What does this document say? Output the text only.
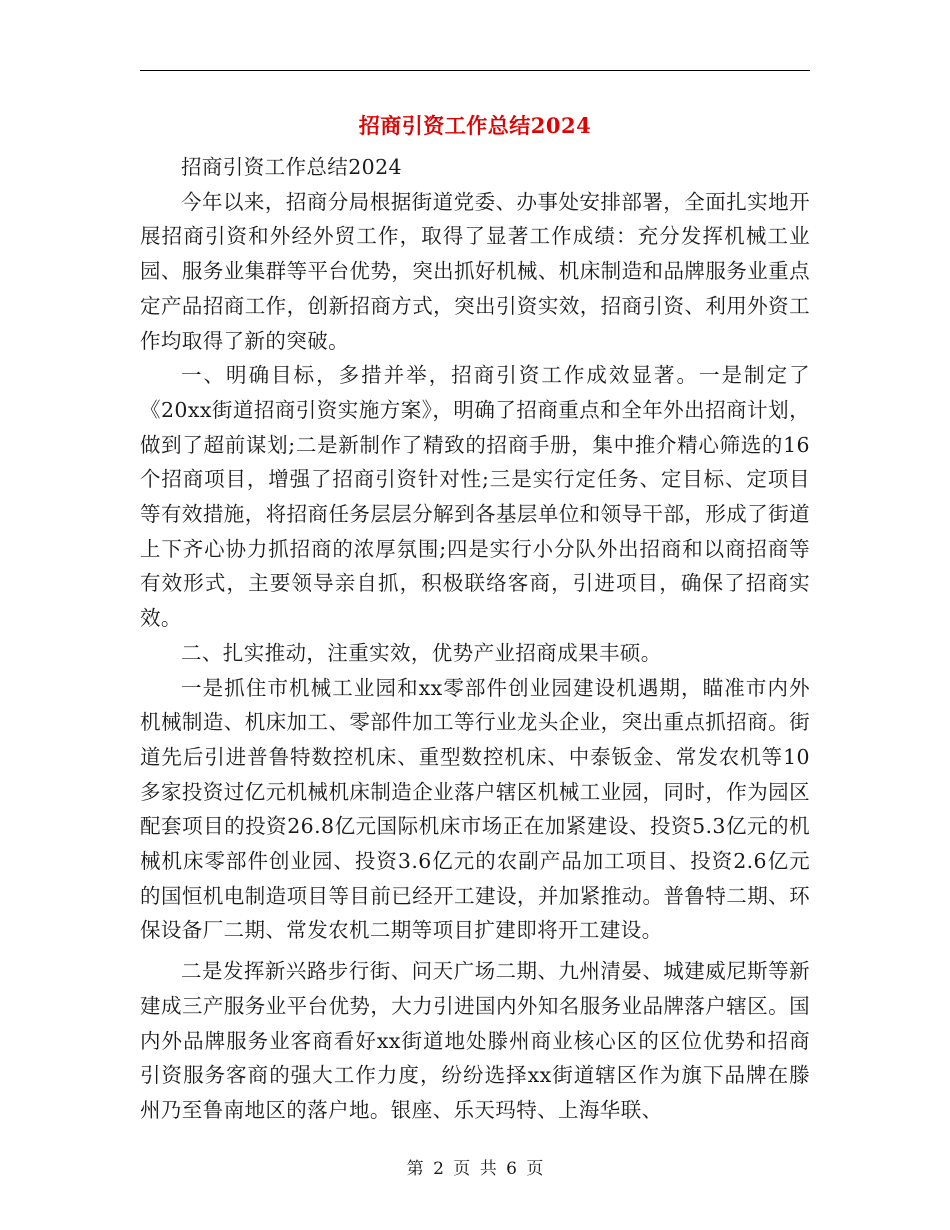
招商引资工作总结2024

招商引资工作总结2024

今年以来，招商分局根据街道党委、办事处安排部署，全面扎实地开展招商引资和外经外贸工作，取得了显著工作成绩：充分发挥机械工业园、服务业集群等平台优势，突出抓好机械、机床制造和品牌服务业重点定产品招商工作，创新招商方式，突出引资实效，招商引资、利用外资工作均取得了新的突破。

一、明确目标，多措并举，招商引资工作成效显著。一是制定了《20xx街道招商引资实施方案》，明确了招商重点和全年外出招商计划，做到了超前谋划;二是新制作了精致的招商手册，集中推介精心筛选的16个招商项目，增强了招商引资针对性;三是实行定任务、定目标、定项目等有效措施，将招商任务层层分解到各基层单位和领导干部，形成了街道上下齐心协力抓招商的浓厚氛围;四是实行小分队外出招商和以商招商等有效形式，主要领导亲自抓，积极联络客商，引进项目，确保了招商实效。

二、扎实推动，注重实效，优势产业招商成果丰硕。

一是抓住市机械工业园和xx零部件创业园建设机遇期，瞄准市内外机械制造、机床加工、零部件加工等行业龙头企业，突出重点抓招商。街道先后引进普鲁特数控机床、重型数控机床、中泰钣金、常发农机等10多家投资过亿元机械机床制造企业落户辖区机械工业园，同时，作为园区配套项目的投资26.8亿元国际机床市场正在加紧建设、投资5.3亿元的机械机床零部件创业园、投资3.6亿元的农副产品加工项目、投资2.6亿元的国恒机电制造项目等目前已经开工建设，并加紧推动。普鲁特二期、环保设备厂二期、常发农机二期等项目扩建即将开工建设。

二是发挥新兴路步行街、问天广场二期、九州清晏、城建威尼斯等新建成三产服务业平台优势，大力引进国内外知名服务业品牌落户辖区。国内外品牌服务业客商看好xx街道地处滕州商业核心区的区位优势和招商引资服务客商的强大工作力度，纷纷选择xx街道辖区作为旗下品牌在滕州乃至鲁南地区的落户地。银座、乐天玛特、上海华联、

第 2 页 共 6 页
